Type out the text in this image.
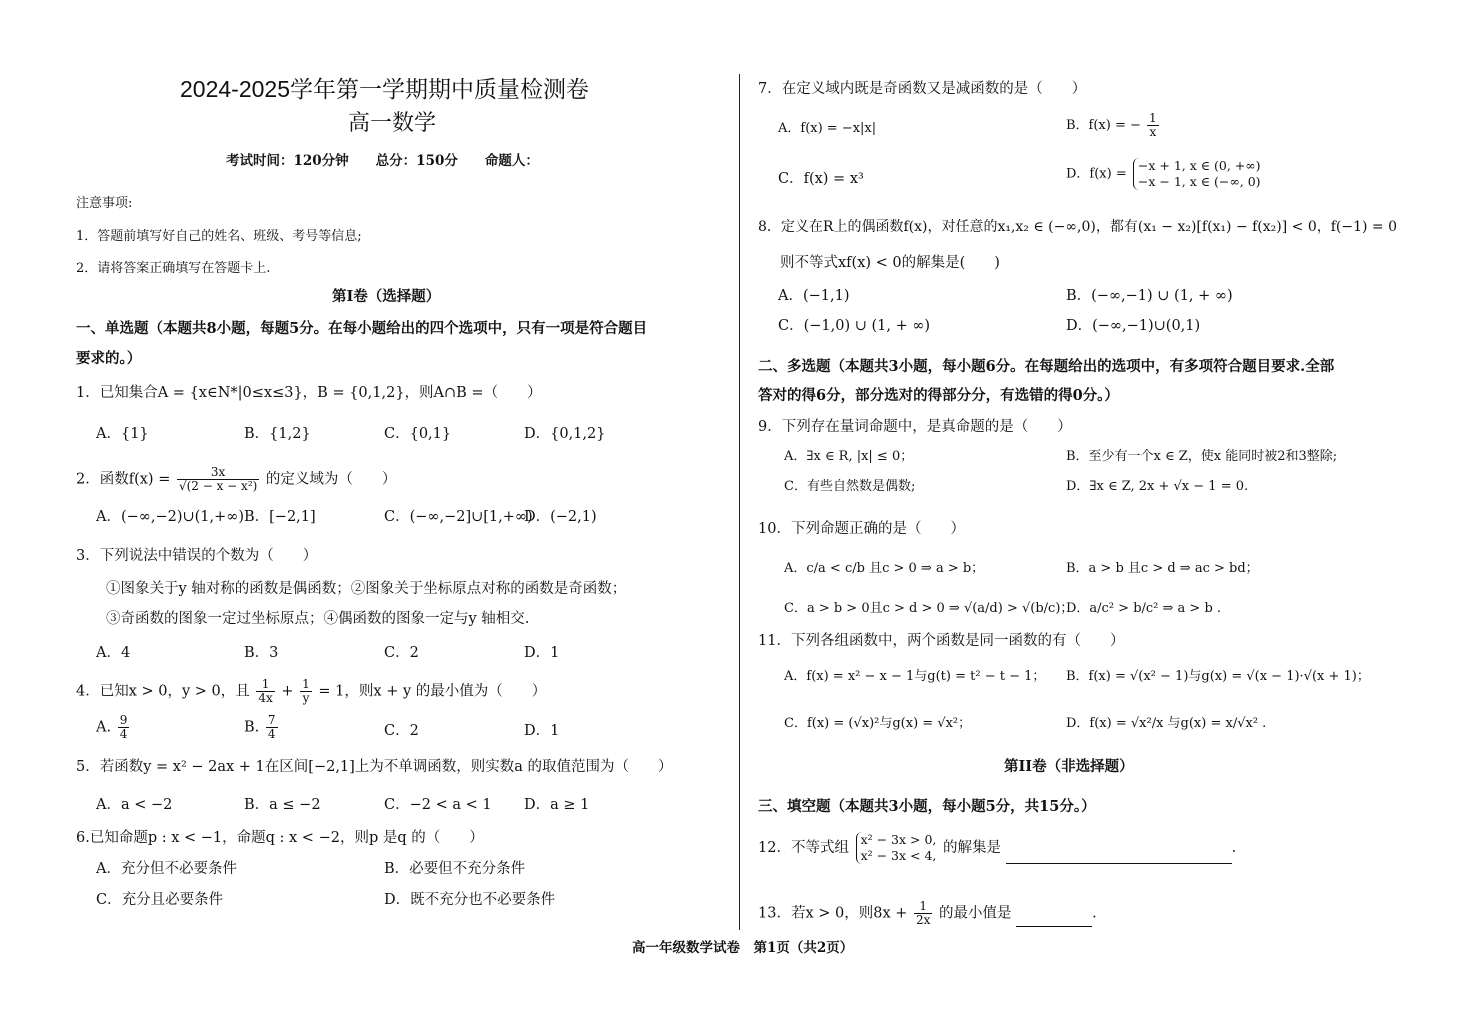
2024-2025学年第一学期期中质量检测卷
高一数学
考试时间：120分钟　　总分：150分　　命题人：
注意事项:
1．答题前填写好自己的姓名、班级、考号等信息;
2．请将答案正确填写在答题卡上.
第I卷（选择题）
一、单选题（本题共8小题，每题5分。在每小题给出的四个选项中，只有一项是符合题目
要求的。）
1．已知集合A = {x∈N*|0≤x≤3}，B = {0,1,2}，则A∩B =（　　）
A．{1}	B．{1,2}	C．{0,1}	D．{0,1,2}
2．函数$f(x) = \frac{3x}{\text{√(2 − x − x²)}}$ 的定义域为（　　）
A．(−∞,−2)∪(1,+∞) B．[−2,1]	C．(−∞,−2]∪[1,+∞)
D．(−2,1)
3．下列说法中错误的个数为（　　）
①图象关于y 轴对称的函数是偶函数；②图象关于坐标原点对称的函数是奇函数；
③奇函数的图象一定过坐标原点；④偶函数的图象一定与y 轴相交.
A．4	B．3	C．2	D．1
4．已知x > 0，y > 0，且 $\frac{1}{4x} + \frac{1}{y} = 1$，则x + y 的最小值为（　　）
A. $\frac{9}{4}$	B. $\frac{7}{4}$	C．2	D．1
5．若函数y = x² − 2ax + 1在区间[−2,1]上为不单调函数，则实数a 的取值范围为（　　）
A．a < −2	B．a ≤ −2	C．−2 < a < 1 D．a ≥ 1
6.已知命题p : x < −1，命题q : x < −2，则p 是q 的（　　）
A．充分但不必要条件	B．必要但不充分条件
C．充分且必要条件	D．既不充分也不必要条件
7．在定义域内既是奇函数又是减函数的是（　　）
A．f(x) = −x|x|	B．f(x) = − $\frac{1}{x}$
C．f(x) = x³	D．f(x) =
−x + 1, x ∈ (0, +∞)
−x − 1, x ∈ (−∞, 0)
8．定义在R上的偶函数f(x)，对任意的x₁,x₂ ∈ (−∞,0)，都有(x₁ − x₂)[f(x₁) − f(x₂)] < 0，f(−1) = 0
则不等式xf(x) < 0的解集是(　　)
A．(−1,1)	B．(−∞,−1) ∪ (1, + ∞)
C．(−1,0) ∪ (1, + ∞)	D．(−∞,−1)∪(0,1)
二、多选题（本题共3小题，每小题6分。在每题给出的选项中，有多项符合题目要求.全部
答对的得6分，部分选对的得部分分，有选错的得0分。）
9．下列存在量词命题中，是真命题的是（　　）
A．∃x ∈ R, |x| ≤ 0；	B．至少有一个x ∈ Z，使x 能同时被2和3整除;
C．有些自然数是偶数;	D．∃x ∈ Z, 2x + √x − 1 = 0.
10．下列命题正确的是（　　）
A．c/a < c/b 且c > 0 ⇒ a > b；	B．a > b 且c > d ⇒ ac > bd；
C．a > b > 0且c > d > 0 ⇒ √(a/d) > √(b/c)；
D．a/c² > b/c² ⇒ a > b .
11．下列各组函数中，两个函数是同一函数的有（　　）
A．f(x) = x² − x − 1与g(t) = t² − t − 1； B．f(x) = √(x² − 1)与g(x) = √(x − 1)·√(x + 1)；
C．f(x) = (√x)²与g(x) = √x²；	D．f(x) = √x²/x 与g(x) = x/√x² .
第II卷（非选择题）
三、填空题（本题共3小题，每小题5分，共15分。）
12．不等式组
x² − 3x > 0,
x² − 3x < 4, 的解集是	.
13．若x > 0，则$8x + \frac{1}{2x}$ 的最小值是	.
高一年级数学试卷　第1页（共2页）
